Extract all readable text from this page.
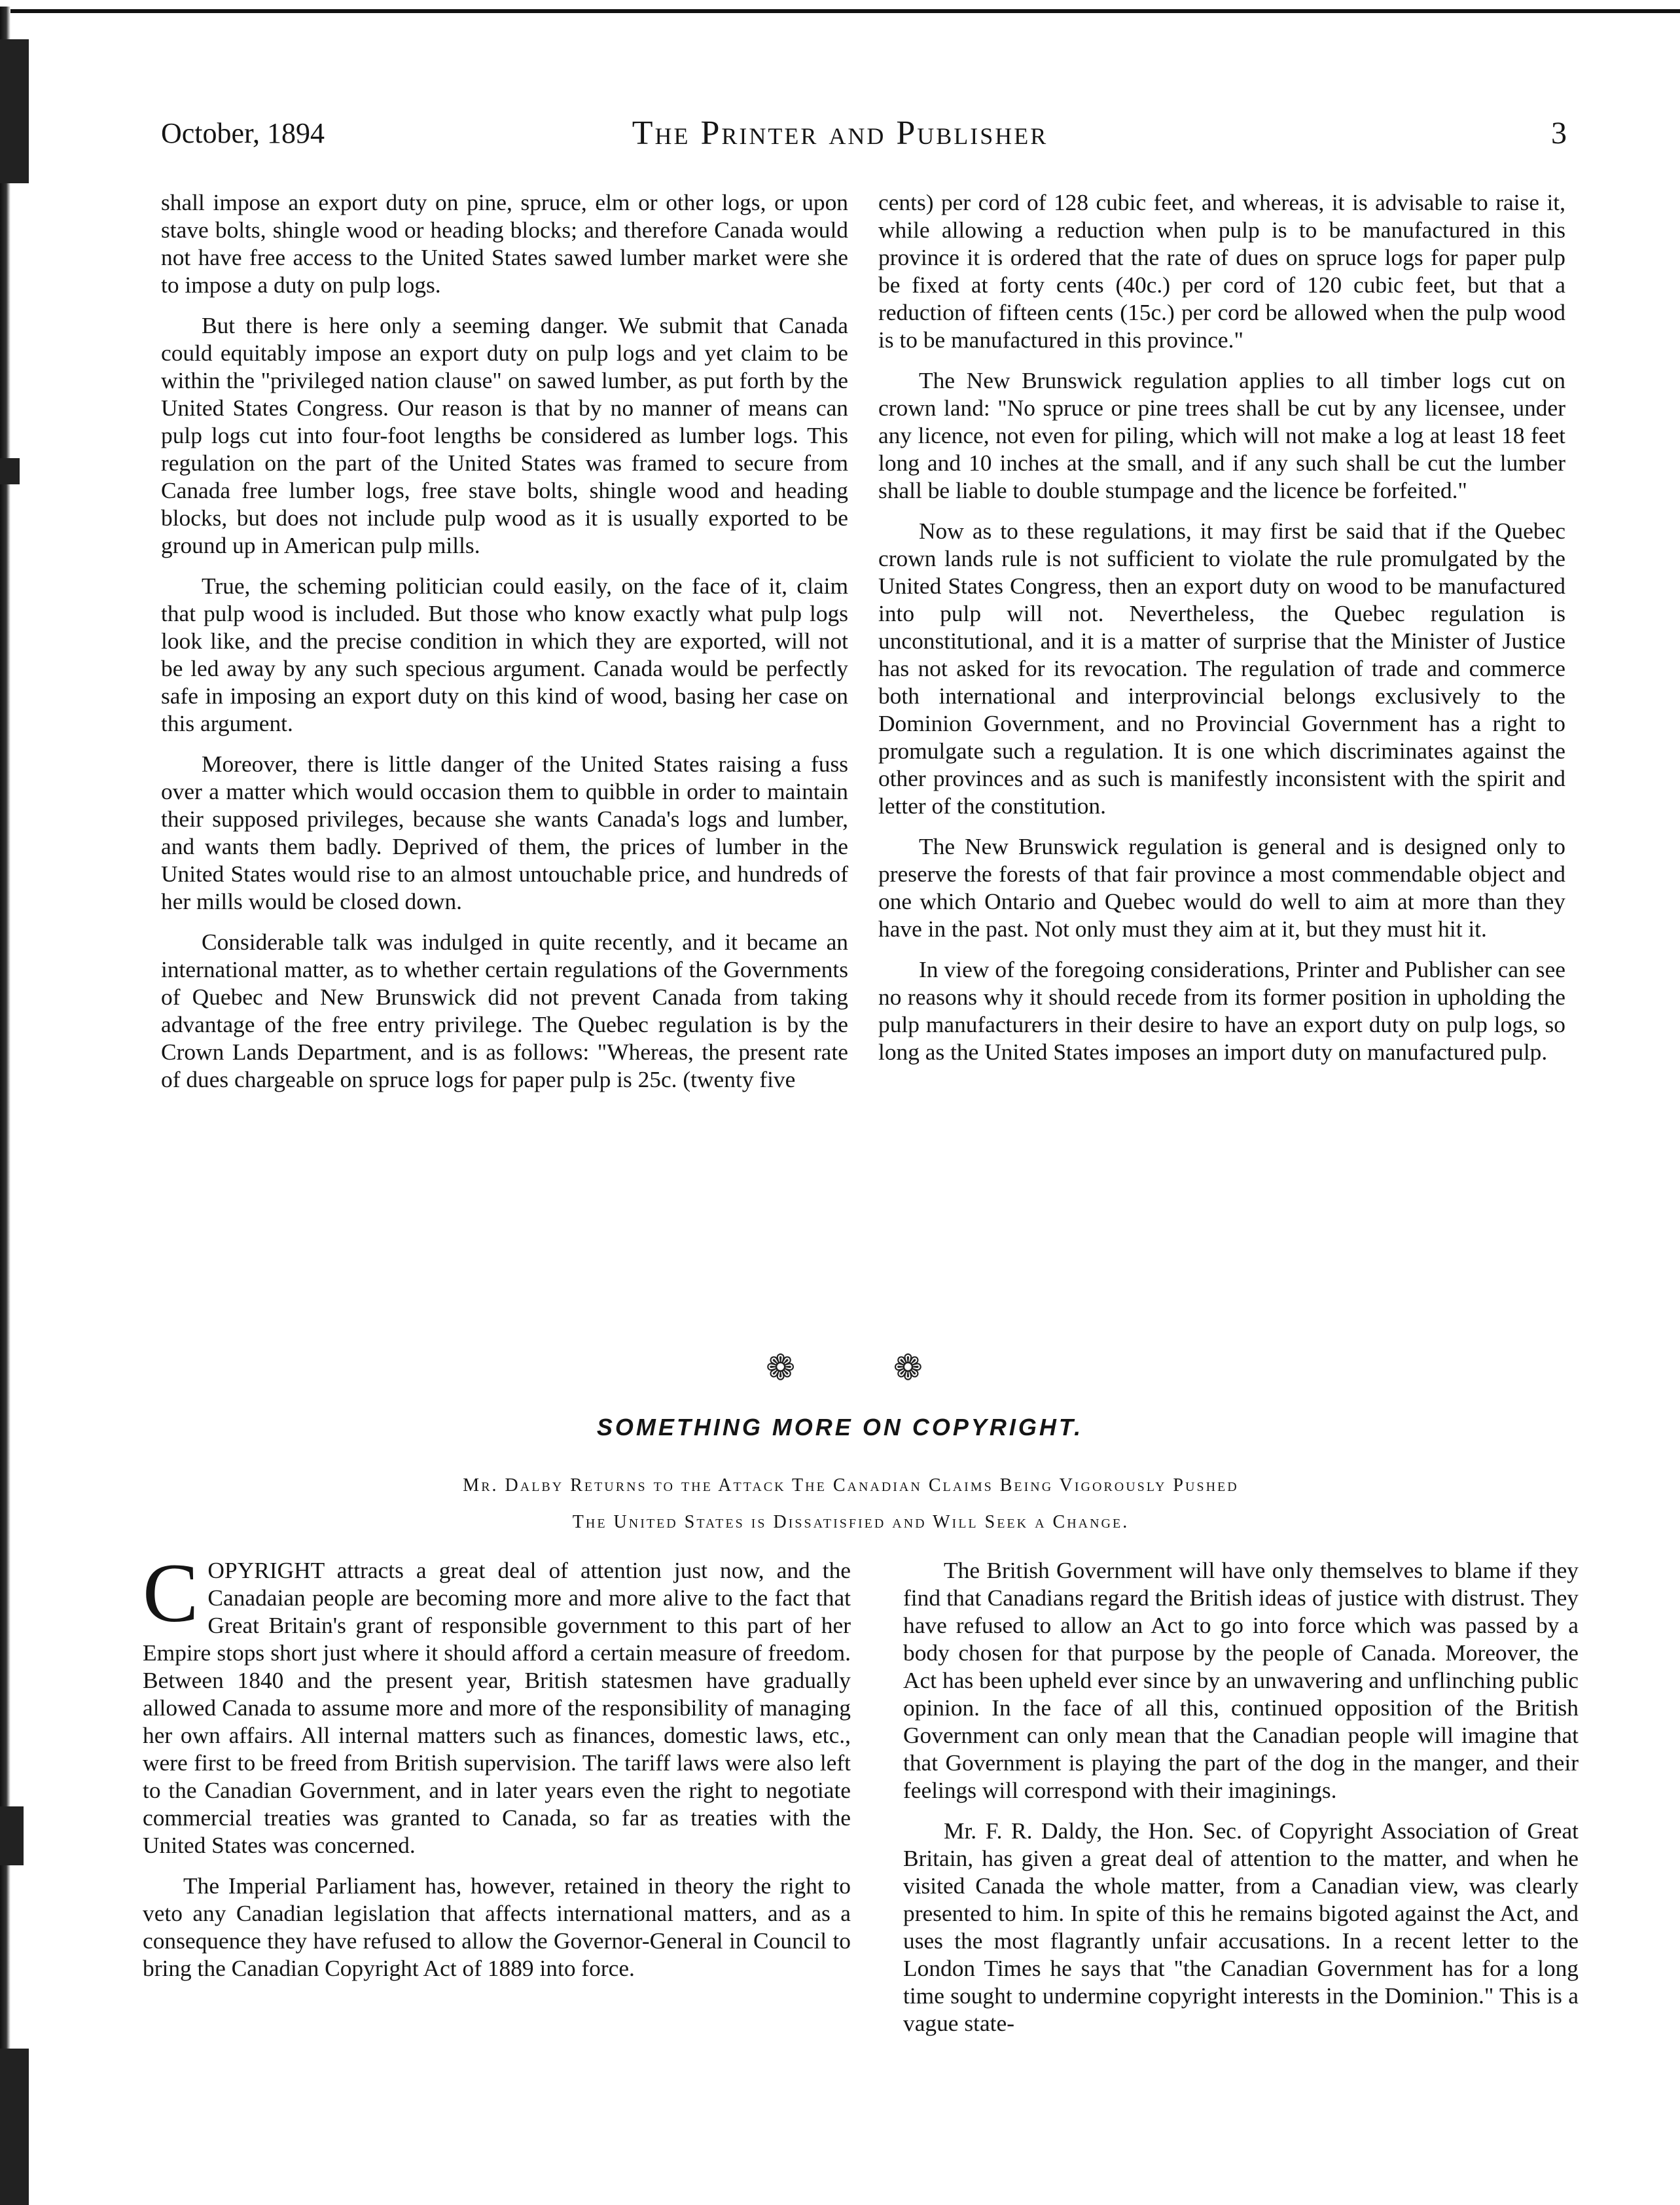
October, 1894	The Printer and Publisher	3

shall impose an export duty on pine, spruce, elm or other logs, or upon stave bolts, shingle wood or heading blocks; and therefore Canada would not have free access to the United States sawed lumber market were she to impose a duty on pulp logs.

But there is here only a seeming danger. We submit that Canada could equitably impose an export duty on pulp logs and yet claim to be within the "privileged nation clause" on sawed lumber, as put forth by the United States Congress. Our reason is that by no manner of means can pulp logs cut into four-foot lengths be considered as lumber logs. This regulation on the part of the United States was framed to secure from Canada free lumber logs, free stave bolts, shingle wood and heading blocks, but does not include pulp wood as it is usually exported to be ground up in American pulp mills.

True, the scheming politician could easily, on the face of it, claim that pulp wood is included. But those who know exactly what pulp logs look like, and the precise condition in which they are exported, will not be led away by any such specious argument. Canada would be perfectly safe in imposing an export duty on this kind of wood, basing her case on this argument.

Moreover, there is little danger of the United States raising a fuss over a matter which would occasion them to quibble in order to maintain their supposed privileges, because she wants Canada's logs and lumber, and wants them badly. Deprived of them, the prices of lumber in the United States would rise to an almost untouchable price, and hundreds of her mills would be closed down.

Considerable talk was indulged in quite recently, and it became an international matter, as to whether certain regulations of the Governments of Quebec and New Brunswick did not prevent Canada from taking advantage of the free entry privilege. The Quebec regulation is by the Crown Lands Department, and is as follows: "Whereas, the present rate of dues chargeable on spruce logs for paper pulp is 25c. (twenty five

cents) per cord of 128 cubic feet, and whereas, it is advisable to raise it, while allowing a reduction when pulp is to be manufactured in this province it is ordered that the rate of dues on spruce logs for paper pulp be fixed at forty cents (40c.) per cord of 120 cubic feet, but that a reduction of fifteen cents (15c.) per cord be allowed when the pulp wood is to be manufactured in this province."

The New Brunswick regulation applies to all timber logs cut on crown land: "No spruce or pine trees shall be cut by any licensee, under any licence, not even for piling, which will not make a log at least 18 feet long and 10 inches at the small, and if any such shall be cut the lumber shall be liable to double stumpage and the licence be forfeited."

Now as to these regulations, it may first be said that if the Quebec crown lands rule is not sufficient to violate the rule promulgated by the United States Congress, then an export duty on wood to be manufactured into pulp will not. Nevertheless, the Quebec regulation is unconstitutional, and it is a matter of surprise that the Minister of Justice has not asked for its revocation. The regulation of trade and commerce both international and interprovincial belongs exclusively to the Dominion Government, and no Provincial Government has a right to promulgate such a regulation. It is one which discriminates against the other provinces and as such is manifestly inconsistent with the spirit and letter of the constitution.

The New Brunswick regulation is general and is designed only to preserve the forests of that fair province a most commendable object and one which Ontario and Quebec would do well to aim at more than they have in the past. Not only must they aim at it, but they must hit it.

In view of the foregoing considerations, Printer and Publisher can see no reasons why it should recede from its former position in upholding the pulp manufacturers in their desire to have an export duty on pulp logs, so long as the United States imposes an import duty on manufactured pulp.

❁	❁
SOMETHING MORE ON COPYRIGHT.
Mr. Dalby Returns to the Attack The Canadian Claims Being Vigorously Pushed
The United States is Dissatisfied and Will Seek a Change.

COPYRIGHT attracts a great deal of attention just now, and the Canadaian people are becoming more and more alive to the fact that Great Britain's grant of responsible government to this part of her Empire stops short just where it should afford a certain measure of freedom. Between 1840 and the present year, British statesmen have gradually allowed Canada to assume more and more of the responsibility of managing her own affairs. All internal matters such as finances, domestic laws, etc., were first to be freed from British supervision. The tariff laws were also left to the Canadian Government, and in later years even the right to negotiate commercial treaties was granted to Canada, so far as treaties with the United States was concerned.

The Imperial Parliament has, however, retained in theory the right to veto any Canadian legislation that affects international matters, and as a consequence they have refused to allow the Governor-General in Council to bring the Canadian Copyright Act of 1889 into force.

The British Government will have only themselves to blame if they find that Canadians regard the British ideas of justice with distrust. They have refused to allow an Act to go into force which was passed by a body chosen for that purpose by the people of Canada. Moreover, the Act has been upheld ever since by an unwavering and unflinching public opinion. In the face of all this, continued opposition of the British Government can only mean that the Canadian people will imagine that that Government is playing the part of the dog in the manger, and their feelings will correspond with their imaginings.

Mr. F. R. Daldy, the Hon. Sec. of Copyright Association of Great Britain, has given a great deal of attention to the matter, and when he visited Canada the whole matter, from a Canadian view, was clearly presented to him. In spite of this he remains bigoted against the Act, and uses the most flagrantly unfair accusations. In a recent letter to the London Times he says that "the Canadian Government has for a long time sought to undermine copyright interests in the Dominion." This is a vague state-
